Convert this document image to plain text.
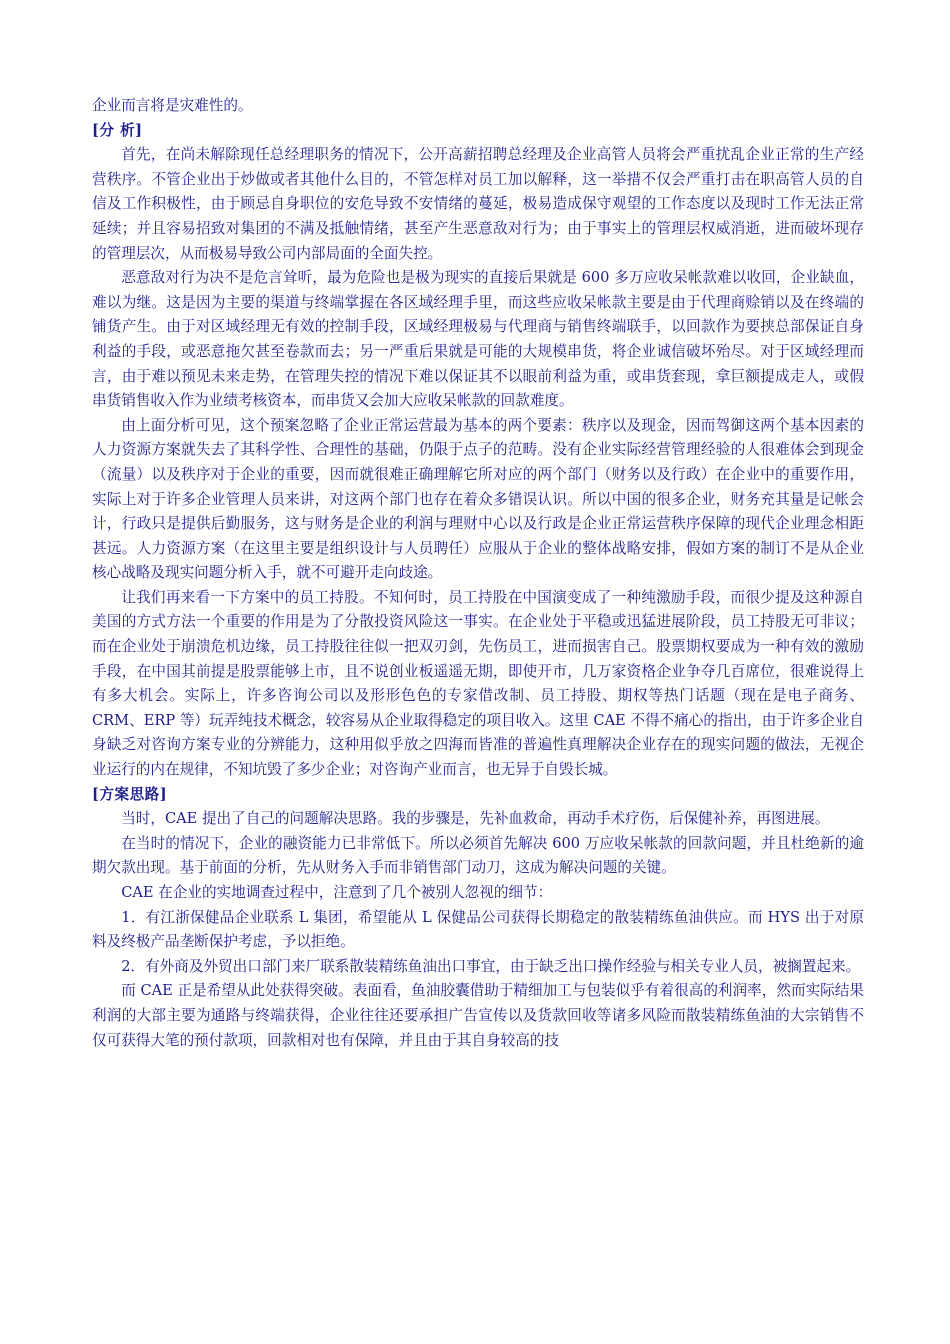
企业而言将是灾难性的。

[分 析]

首先，在尚未解除现任总经理职务的情况下，公开高薪招聘总经理及企业高管人员将会严重扰乱企业正常的生产经营秩序。不管企业出于炒做或者其他什么目的，不管怎样对员工加以解释，这一举措不仅会严重打击在职高管人员的自信及工作积极性，由于顾忌自身职位的安危导致不安情绪的蔓延，极易造成保守观望的工作态度以及现时工作无法正常延续；并且容易招致对集团的不满及抵触情绪，甚至产生恶意敌对行为；由于事实上的管理层权威消逝，进而破坏现存的管理层次，从而极易导致公司内部局面的全面失控。

恶意敌对行为决不是危言耸听，最为危险也是极为现实的直接后果就是 600 多万应收呆帐款难以收回，企业缺血，难以为继。这是因为主要的渠道与终端掌握在各区域经理手里，而这些应收呆帐款主要是由于代理商赊销以及在终端的铺货产生。由于对区域经理无有效的控制手段，区域经理极易与代理商与销售终端联手，以回款作为要挟总部保证自身利益的手段，或恶意拖欠甚至卷款而去；另一严重后果就是可能的大规模串货，将企业诚信破坏殆尽。对于区域经理而言，由于难以预见未来走势，在管理失控的情况下难以保证其不以眼前利益为重，或串货套现，拿巨额提成走人，或假串货销售收入作为业绩考核资本，而串货又会加大应收呆帐款的回款难度。

由上面分析可见，这个预案忽略了企业正常运营最为基本的两个要素：秩序以及现金，因而驾御这两个基本因素的人力资源方案就失去了其科学性、合理性的基础，仍限于点子的范畴。没有企业实际经营管理经验的人很难体会到现金（流量）以及秩序对于企业的重要，因而就很难正确理解它所对应的两个部门（财务以及行政）在企业中的重要作用，实际上对于许多企业管理人员来讲，对这两个部门也存在着众多错误认识。所以中国的很多企业，财务充其量是记帐会计，行政只是提供后勤服务，这与财务是企业的利润与理财中心以及行政是企业正常运营秩序保障的现代企业理念相距甚远。人力资源方案（在这里主要是组织设计与人员聘任）应服从于企业的整体战略安排，假如方案的制订不是从企业核心战略及现实问题分析入手，就不可避开走向歧途。

让我们再来看一下方案中的员工持股。不知何时，员工持股在中国演变成了一种纯激励手段，而很少提及这种源自美国的方式方法一个重要的作用是为了分散投资风险这一事实。在企业处于平稳或迅猛进展阶段，员工持股无可非议；而在企业处于崩溃危机边缘，员工持股往往似一把双刃剑，先伤员工，进而损害自己。股票期权要成为一种有效的激励手段，在中国其前提是股票能够上市，且不说创业板遥遥无期，即使开市，几万家资格企业争夺几百席位，很难说得上有多大机会。实际上，许多咨询公司以及形形色色的专家借改制、员工持股、期权等热门话题（现在是电子商务、CRM、ERP 等）玩弄纯技术概念，较容易从企业取得稳定的项目收入。这里 CAE 不得不痛心的指出，由于许多企业自身缺乏对咨询方案专业的分辨能力，这种用似乎放之四海而皆准的普遍性真理解决企业存在的现实问题的做法，无视企业运行的内在规律，不知坑毁了多少企业；对咨询产业而言，也无异于自毁长城。

[方案思路]

当时，CAE 提出了自己的问题解决思路。我的步骤是，先补血救命，再动手术疗伤，后保健补养，再图进展。

在当时的情况下，企业的融资能力已非常低下。所以必须首先解决 600 万应收呆帐款的回款问题，并且杜绝新的逾期欠款出现。基于前面的分析，先从财务入手而非销售部门动刀，这成为解决问题的关键。

CAE 在企业的实地调查过程中，注意到了几个被别人忽视的细节：

1．有江浙保健品企业联系 L 集团，希望能从 L 保健品公司获得长期稳定的散装精练鱼油供应。而 HYS 出于对原料及终极产品垄断保护考虑，予以拒绝。

2．有外商及外贸出口部门来厂联系散装精练鱼油出口事宜，由于缺乏出口操作经验与相关专业人员，被搁置起来。

而 CAE 正是希望从此处获得突破。表面看，鱼油胶囊借助于精细加工与包装似乎有着很高的利润率，然而实际结果利润的大部主要为通路与终端获得，企业往往还要承担广告宣传以及货款回收等诸多风险而散装精练鱼油的大宗销售不仅可获得大笔的预付款项，回款相对也有保障，并且由于其自身较高的技
